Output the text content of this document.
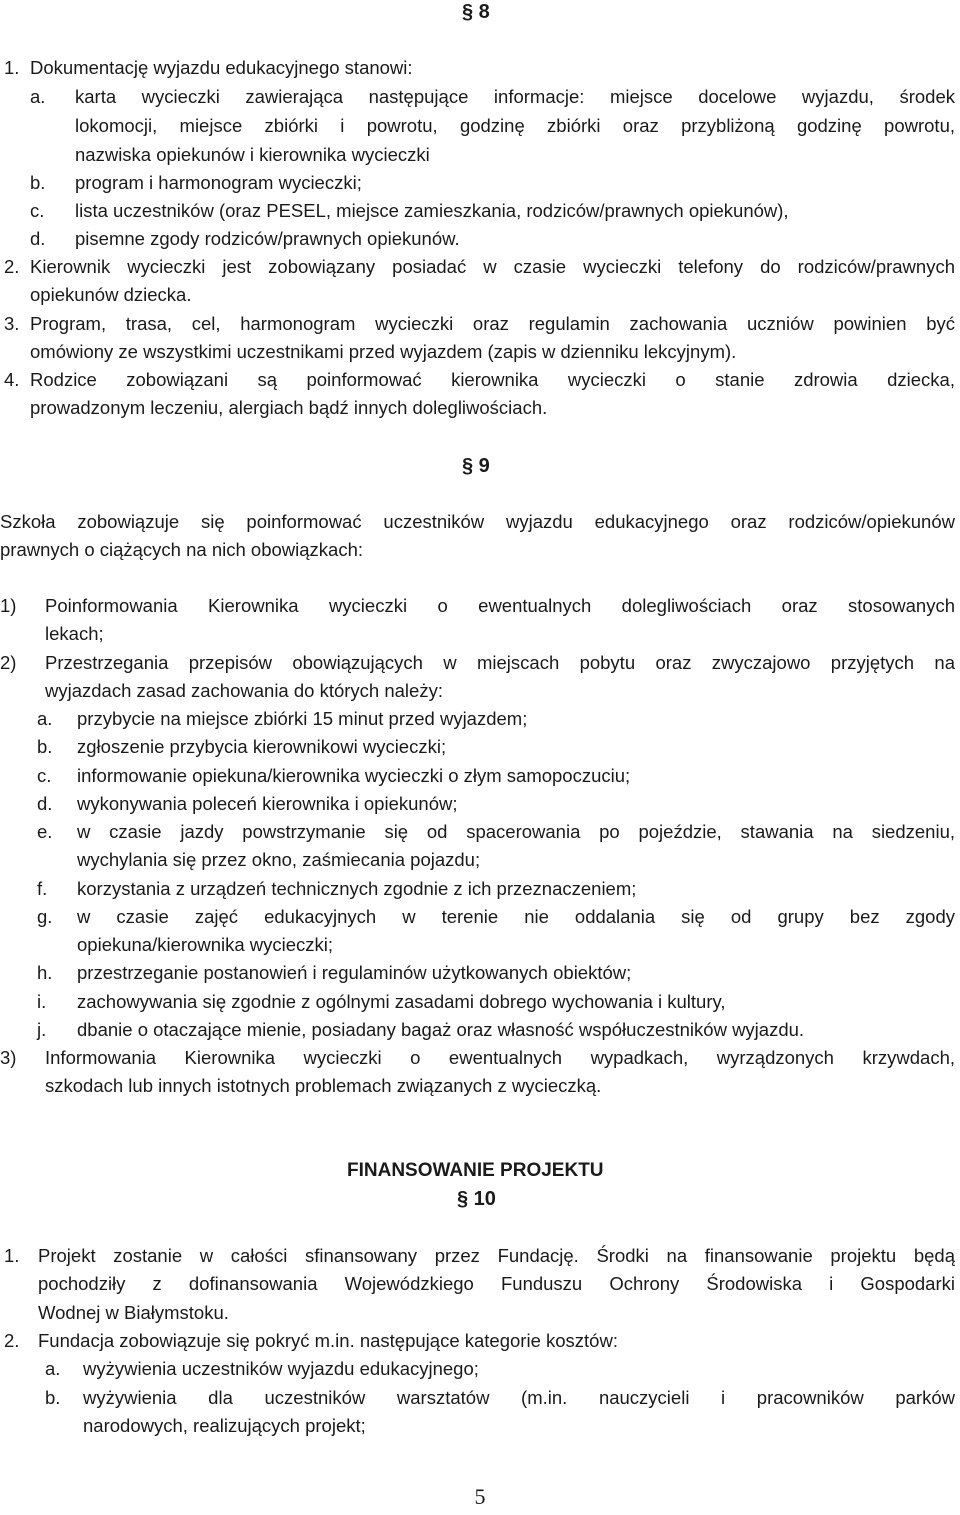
§ 8
1. Dokumentację wyjazdu edukacyjnego stanowi:
a. karta wycieczki zawierająca następujące informacje: miejsce docelowe wyjazdu, środek
lokomocji, miejsce zbiórki i powrotu, godzinę zbiórki oraz przybliżoną godzinę powrotu,
nazwiska opiekunów i kierownika wycieczki
b. program i harmonogram wycieczki;
c. lista uczestników (oraz PESEL, miejsce zamieszkania, rodziców/prawnych opiekunów),
d. pisemne zgody rodziców/prawnych opiekunów.
2. Kierownik wycieczki jest zobowiązany posiadać w czasie wycieczki telefony do rodziców/prawnych
opiekunów dziecka.
3. Program, trasa, cel, harmonogram wycieczki oraz regulamin zachowania uczniów powinien być
omówiony ze wszystkimi uczestnikami przed wyjazdem (zapis w dzienniku lekcyjnym).
4. Rodzice zobowiązani są poinformować kierownika wycieczki o stanie zdrowia dziecka,
prowadzonym leczeniu, alergiach bądź innych dolegliwościach.
§ 9
Szkoła zobowiązuje się poinformować uczestników wyjazdu edukacyjnego oraz rodziców/opiekunów
prawnych o ciążących na nich obowiązkach:
1) Poinformowania Kierownika wycieczki o ewentualnych dolegliwościach oraz stosowanych
lekach;
2) Przestrzegania przepisów obowiązujących w miejscach pobytu oraz zwyczajowo przyjętych na
wyjazdach zasad zachowania do których należy:
a. przybycie na miejsce zbiórki 15 minut przed wyjazdem;
b. zgłoszenie przybycia kierownikowi wycieczki;
c. informowanie opiekuna/kierownika wycieczki o złym samopoczuciu;
d. wykonywania poleceń kierownika i opiekunów;
e. w czasie jazdy powstrzymanie się od spacerowania po pojeździe, stawania na siedzeniu,
wychylania się przez okno, zaśmiecania pojazdu;
f. korzystania z urządzeń technicznych zgodnie z ich przeznaczeniem;
g. w czasie zajęć edukacyjnych w terenie nie oddalania się od grupy bez zgody
opiekuna/kierownika wycieczki;
h. przestrzeganie postanowień i regulaminów użytkowanych obiektów;
i. zachowywania się zgodnie z ogólnymi zasadami dobrego wychowania i kultury,
j. dbanie o otaczające mienie, posiadany bagaż oraz własność współuczestników wyjazdu.
3) Informowania Kierownika wycieczki o ewentualnych wypadkach, wyrządzonych krzywdach,
szkodach lub innych istotnych problemach związanych z wycieczką.
FINANSOWANIE PROJEKTU
§ 10
1. Projekt zostanie w całości sfinansowany przez Fundację. Środki na finansowanie projektu będą
pochodziły z dofinansowania Wojewódzkiego Funduszu Ochrony Środowiska i Gospodarki
Wodnej w Białymstoku.
2. Fundacja zobowiązuje się pokryć m.in. następujące kategorie kosztów:
a. wyżywienia uczestników wyjazdu edukacyjnego;
b. wyżywienia dla uczestników warsztatów (m.in. nauczycieli i pracowników parków
narodowych, realizujących projekt;
5
